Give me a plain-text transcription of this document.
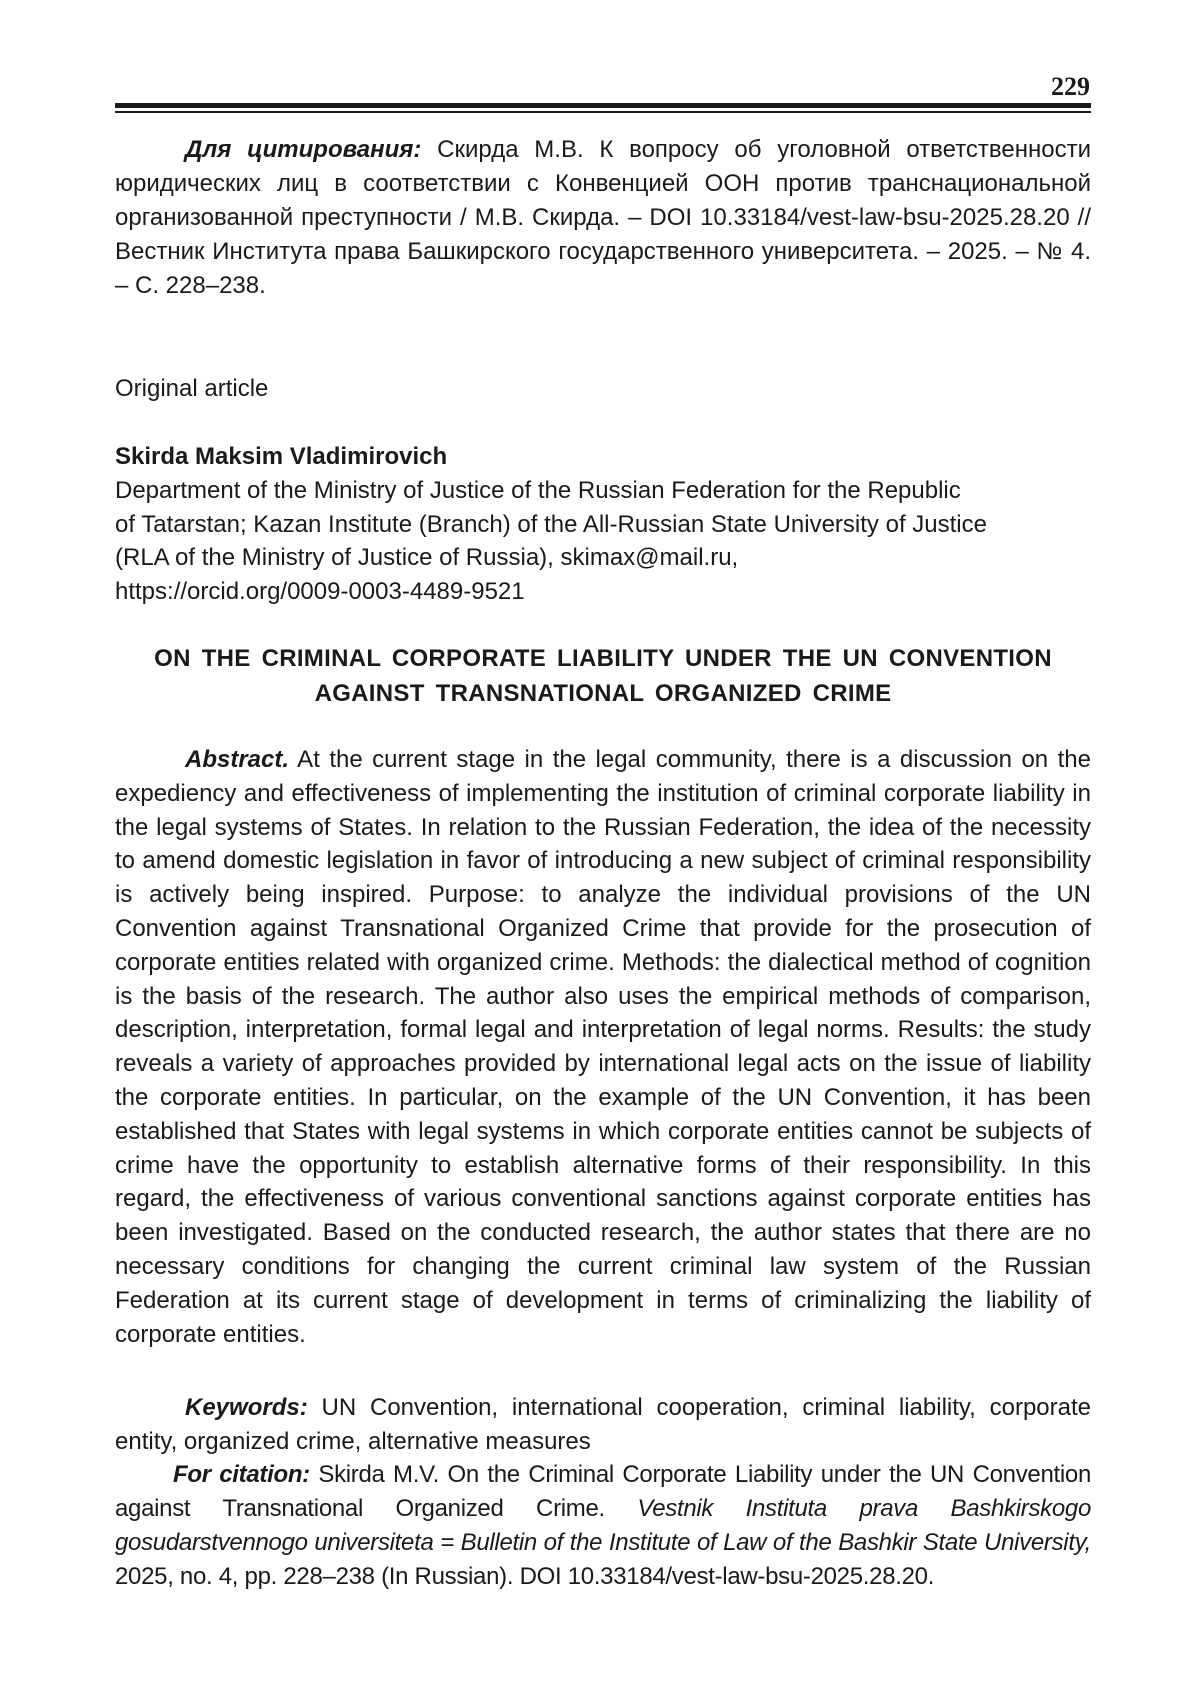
229

Для цитирования: Скирда М.В. К вопросу об уголовной ответственности юридических лиц в соответствии с Конвенцией ООН против транснациональной организованной преступности / М.В. Скирда. – DOI 10.33184/vest-law-bsu-2025.28.20 // Вестник Института права Башкирского государственного университета. – 2025. – № 4. – С. 228–238.

Original article
Skirda Maksim Vladimirovich
Department of the Ministry of Justice of the Russian Federation for the Republic
of Tatarstan; Kazan Institute (Branch) of the All-Russian State University of Justice
(RLA of the Ministry of Justice of Russia), skimax@mail.ru,
https://orcid.org/0009-0003-4489-9521
ON THE CRIMINAL CORPORATE LIABILITY UNDER THE UN CONVENTION
AGAINST TRANSNATIONAL ORGANIZED CRIME

Abstract. At the current stage in the legal community, there is a discussion on the expediency and effectiveness of implementing the institution of criminal corporate liability in the legal systems of States. In relation to the Russian Federation, the idea of the necessity to amend domestic legislation in favor of introducing a new subject of criminal responsibility is actively being inspired. Purpose: to analyze the individual provisions of the UN Convention against Transnational Organized Crime that provide for the prosecution of corporate entities related with organized crime. Methods: the dialectical method of cognition is the basis of the research. The author also uses the empirical methods of comparison, description, interpretation, formal legal and interpretation of legal norms. Results: the study reveals a variety of approaches provided by international legal acts on the issue of liability the corporate entities. In particular, on the example of the UN Convention, it has been established that States with legal systems in which corporate entities cannot be subjects of crime have the opportunity to establish alternative forms of their responsibility. In this regard, the effectiveness of various conventional sanctions against corporate entities has been investigated. Based on the conducted research, the author states that there are no necessary conditions for changing the current criminal law system of the Russian Federation at its current stage of development in terms of criminalizing the liability of corporate entities.

Keywords: UN Convention, international cooperation, criminal liability, corporate entity, organized crime, alternative measures

For citation: Skirda M.V. On the Criminal Corporate Liability under the UN Convention against Transnational Organized Crime. Vestnik Instituta prava Bashkirskogo gosudarstvennogo universiteta = Bulletin of the Institute of Law of the Bashkir State University, 2025, no. 4, pp. 228–238 (In Russian). DOI 10.33184/vest-law-bsu-2025.28.20.
